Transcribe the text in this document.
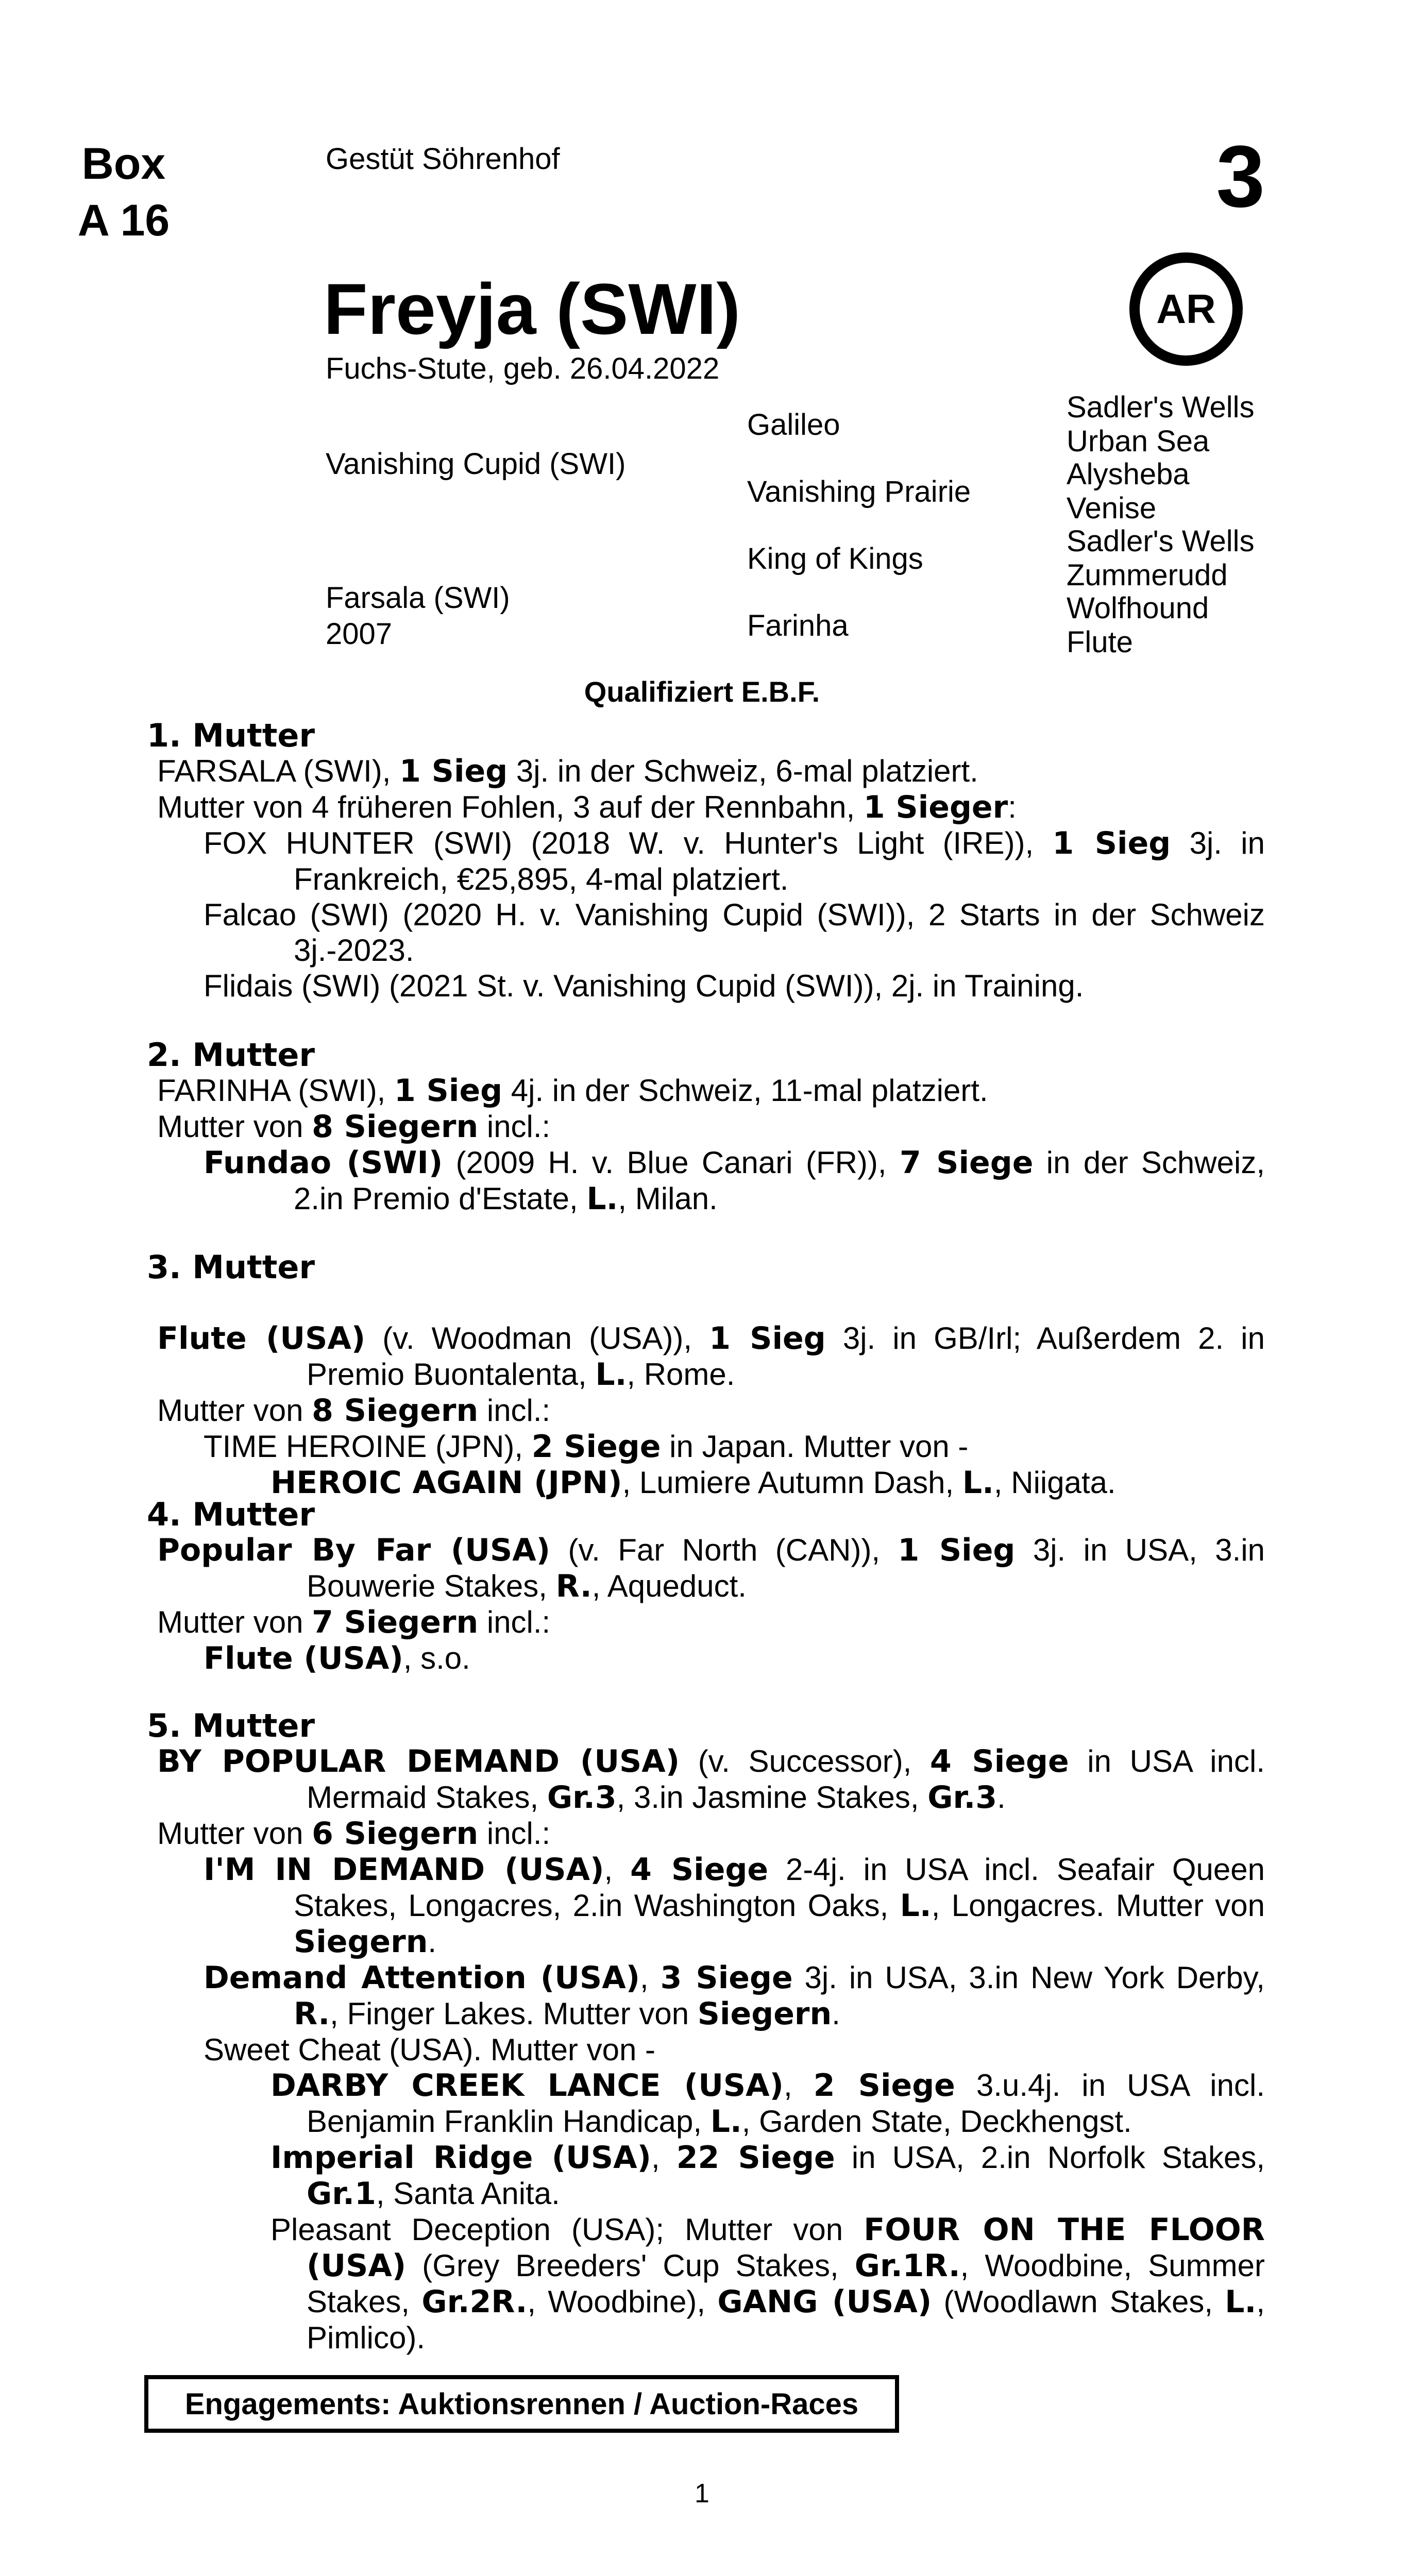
Box
A 16
Gestüt Söhrenhof	3
AR
Freyja (SWI)
Fuchs-Stute, geb. 26.04.2022
Vanishing Cupid (SWI)
Farsala (SWI)
2007
Galileo
Vanishing Prairie
King of Kings
Farinha
Sadler's Wells
Urban Sea
Alysheba
Venise
Sadler's Wells
Zummerudd
Wolfhound
Flute
Qualifiziert E.B.F.
1. Mutter

FARSALA (SWI), 1 Sieg 3j. in der Schweiz, 6-mal platziert.

Mutter von 4 früheren Fohlen, 3 auf der Rennbahn, 1 Sieger:

FOX HUNTER (SWI) (2018 W. v. Hunter's Light (IRE)), 1 Sieg 3j. in Frankreich, €25,895, 4-mal platziert.

Falcao (SWI) (2020 H. v. Vanishing Cupid (SWI)), 2 Starts in der Schweiz 3j.-2023.

Flidais (SWI) (2021 St. v. Vanishing Cupid (SWI)), 2j. in Training.

2. Mutter

FARINHA (SWI), 1 Sieg 4j. in der Schweiz, 11-mal platziert.

Mutter von 8 Siegern incl.:

Fundao (SWI) (2009 H. v. Blue Canari (FR)), 7 Siege in der Schweiz, 2.in Premio d'Estate, L., Milan.

3. Mutter

Flute (USA) (v. Woodman (USA)), 1 Sieg 3j. in GB/Irl; Außerdem 2. in Premio Buontalenta, L., Rome.

Mutter von 8 Siegern incl.:

TIME HEROINE (JPN), 2 Siege in Japan. Mutter von -

HEROIC AGAIN (JPN), Lumiere Autumn Dash, L., Niigata.

4. Mutter

Popular By Far (USA) (v. Far North (CAN)), 1 Sieg 3j. in USA, 3.in Bouwerie Stakes, R., Aqueduct.

Mutter von 7 Siegern incl.:

Flute (USA), s.o.

5. Mutter

BY POPULAR DEMAND (USA) (v. Successor), 4 Siege in USA incl. Mermaid Stakes, Gr.3, 3.in Jasmine Stakes, Gr.3.

Mutter von 6 Siegern incl.:

I'M IN DEMAND (USA), 4 Siege 2-4j. in USA incl. Seafair Queen Stakes, Longacres, 2.in Washington Oaks, L., Longacres. Mutter von Siegern.

Demand Attention (USA), 3 Siege 3j. in USA, 3.in New York Derby, R., Finger Lakes. Mutter von Siegern.

Sweet Cheat (USA). Mutter von -

DARBY CREEK LANCE (USA), 2 Siege 3.u.4j. in USA incl. Benjamin Franklin Handicap, L., Garden State, Deckhengst.

Imperial Ridge (USA), 22 Siege in USA, 2.in Norfolk Stakes, Gr.1, Santa Anita.

Pleasant Deception (USA); Mutter von FOUR ON THE FLOOR (USA) (Grey Breeders' Cup Stakes, Gr.1R., Woodbine, Summer Stakes, Gr.2R., Woodbine), GANG (USA) (Woodlawn Stakes, L., Pimlico).

Engagements: Auktionsrennen / Auction-Races
1
